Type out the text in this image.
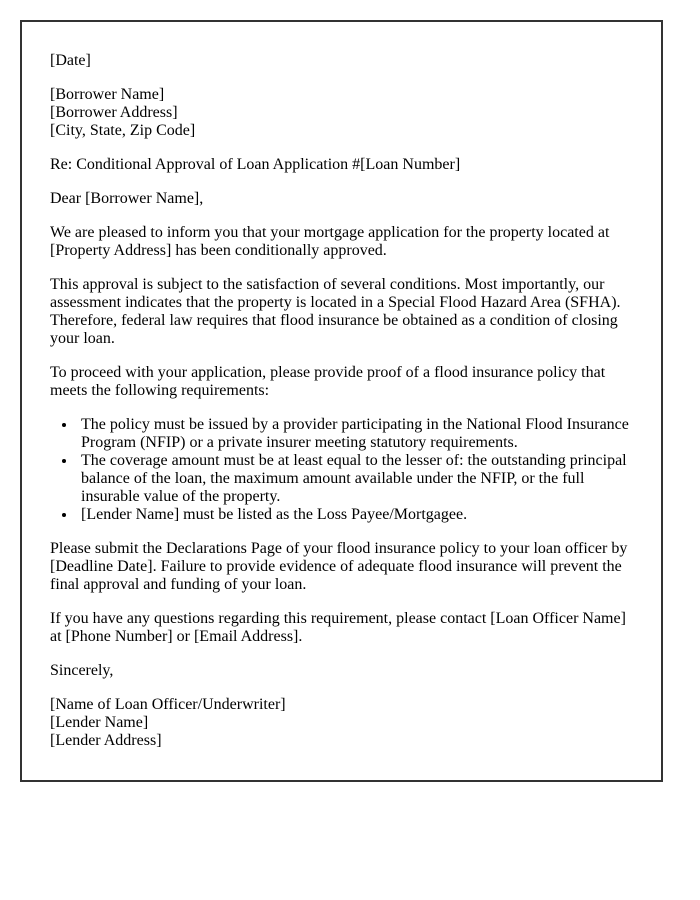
[Date]

[Borrower Name]
[Borrower Address]
[City, State, Zip Code]

Re: Conditional Approval of Loan Application #[Loan Number]

Dear [Borrower Name],

We are pleased to inform you that your mortgage application for the property located at [Property Address] has been conditionally approved.

This approval is subject to the satisfaction of several conditions. Most importantly, our assessment indicates that the property is located in a Special Flood Hazard Area (SFHA). Therefore, federal law requires that flood insurance be obtained as a condition of closing your loan.

To proceed with your application, please provide proof of a flood insurance policy that meets the following requirements:

• The policy must be issued by a provider participating in the National Flood Insurance Program (NFIP) or a private insurer meeting statutory requirements.
• The coverage amount must be at least equal to the lesser of: the outstanding principal balance of the loan, the maximum amount available under the NFIP, or the full insurable value of the property.
• [Lender Name] must be listed as the Loss Payee/Mortgagee.

Please submit the Declarations Page of your flood insurance policy to your loan officer by [Deadline Date]. Failure to provide evidence of adequate flood insurance will prevent the final approval and funding of your loan.

If you have any questions regarding this requirement, please contact [Loan Officer Name] at [Phone Number] or [Email Address].

Sincerely,

[Name of Loan Officer/Underwriter]
[Lender Name]
[Lender Address]
